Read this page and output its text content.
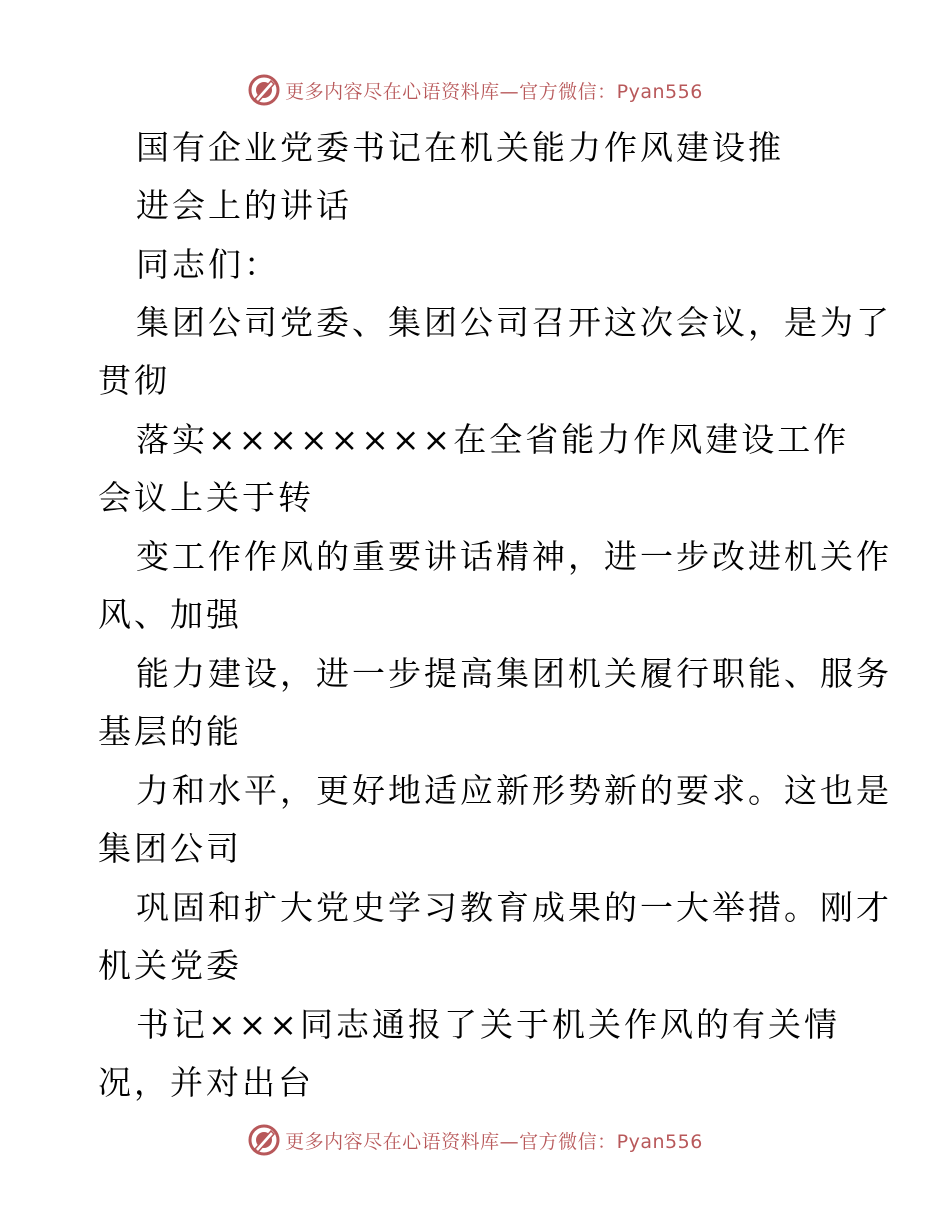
更多内容尽在心语资料库—官方微信：Pyan556
国有企业党委书记在机关能力作风建设推
进会上的讲话
同志们：
集团公司党委、集团公司召开这次会议，是为了
贯彻
落实××××××××在全省能力作风建设工作
会议上关于转
变工作作风的重要讲话精神，进一步改进机关作
风、加强
能力建设，进一步提高集团机关履行职能、服务
基层的能
力和水平，更好地适应新形势新的要求。这也是
集团公司
巩固和扩大党史学习教育成果的一大举措。刚才
机关党委
书记×××同志通报了关于机关作风的有关情
况，并对出台
更多内容尽在心语资料库—官方微信：Pyan556
